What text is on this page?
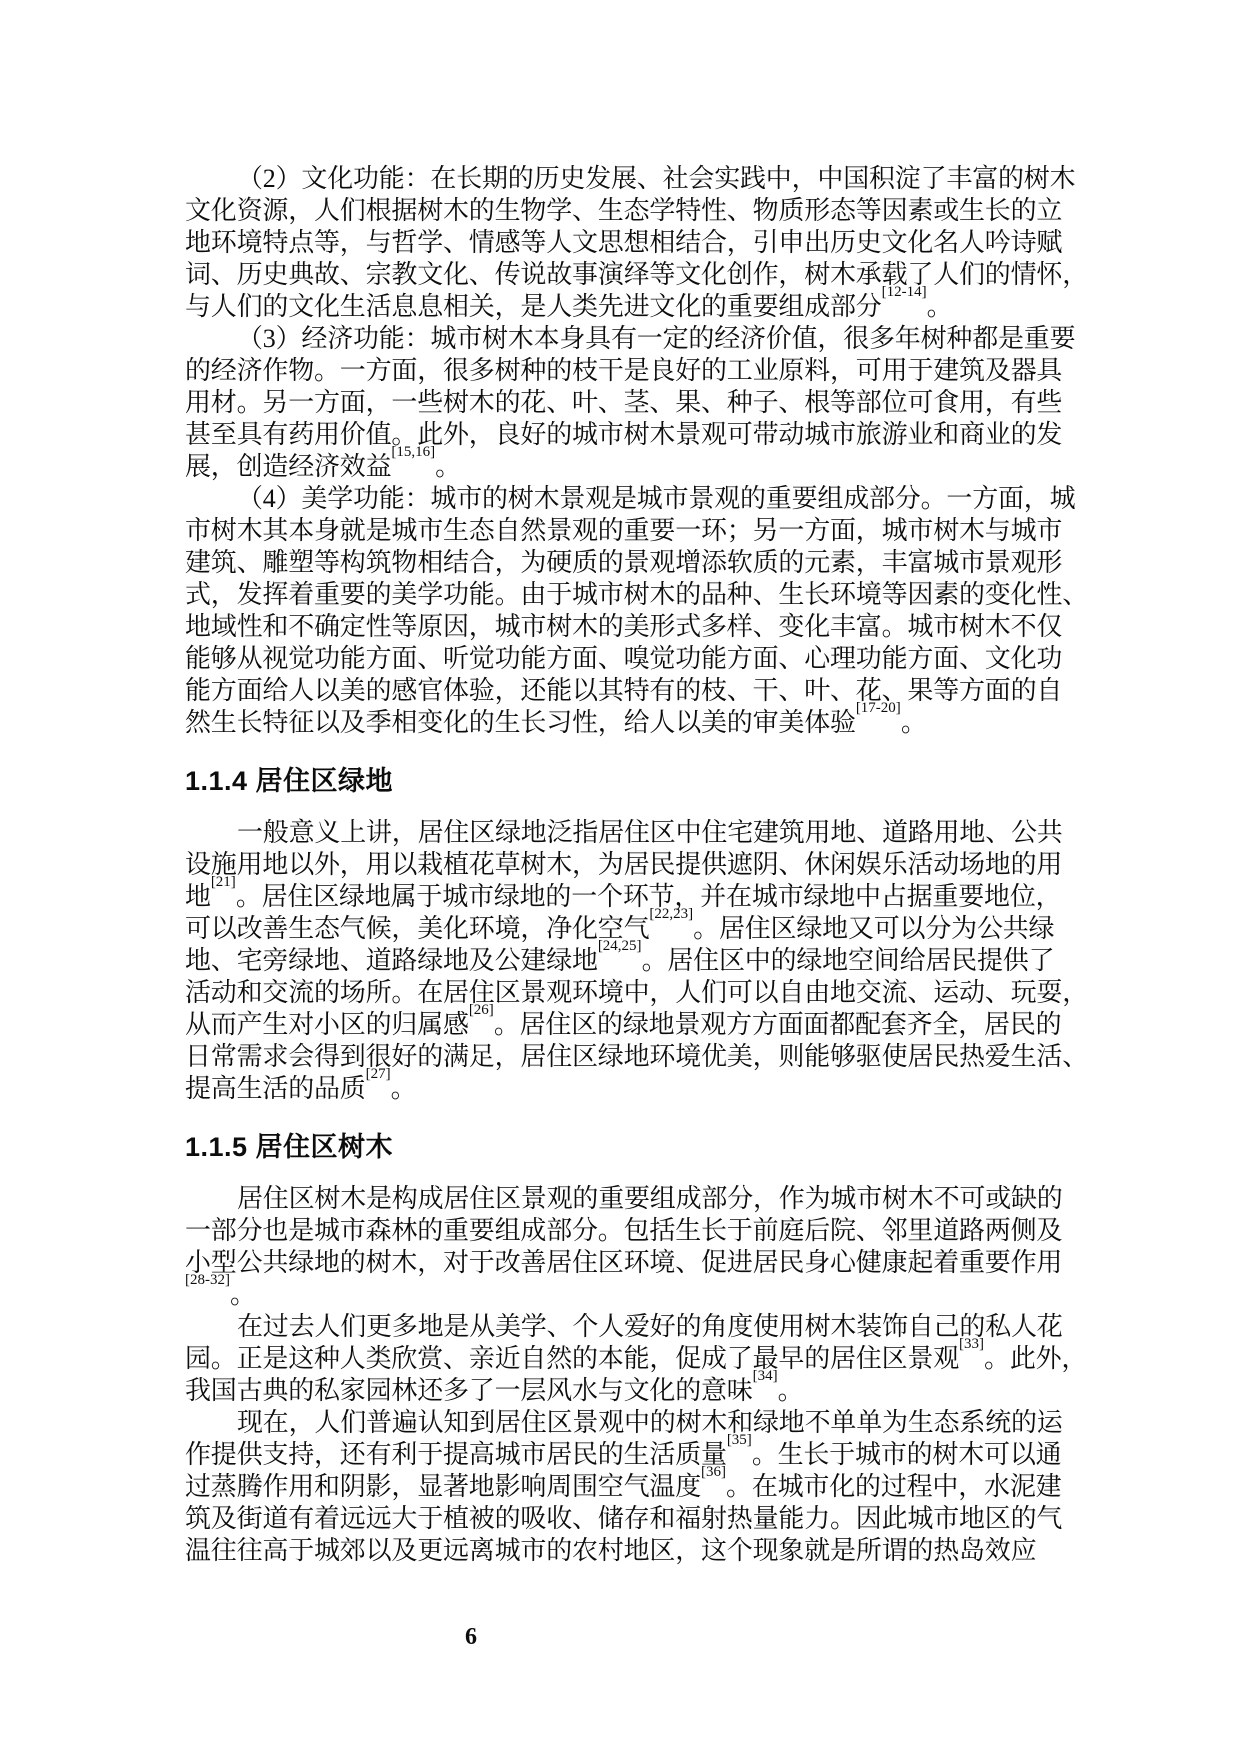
（2）文化功能：在长期的历史发展、社会实践中，中国积淀了丰富的树木
文化资源，人们根据树木的生物学、生态学特性、物质形态等因素或生长的立
地环境特点等，与哲学、情感等人文思想相结合，引申出历史文化名人吟诗赋
词、历史典故、宗教文化、传说故事演绎等文化创作，树木承载了人们的情怀，
与人们的文化生活息息相关，是人类先进文化的重要组成部分[12-14]。
（3）经济功能：城市树木本身具有一定的经济价值，很多年树种都是重要
的经济作物。一方面，很多树种的枝干是良好的工业原料，可用于建筑及器具
用材。另一方面，一些树木的花、叶、茎、果、种子、根等部位可食用，有些
甚至具有药用价值。此外，良好的城市树木景观可带动城市旅游业和商业的发
展，创造经济效益[15,16]。
（4）美学功能：城市的树木景观是城市景观的重要组成部分。一方面，城
市树木其本身就是城市生态自然景观的重要一环；另一方面，城市树木与城市
建筑、雕塑等构筑物相结合，为硬质的景观增添软质的元素，丰富城市景观形
式，发挥着重要的美学功能。由于城市树木的品种、生长环境等因素的变化性、
地域性和不确定性等原因，城市树木的美形式多样、变化丰富。城市树木不仅
能够从视觉功能方面、听觉功能方面、嗅觉功能方面、心理功能方面、文化功
能方面给人以美的感官体验，还能以其特有的枝、干、叶、花、果等方面的自
然生长特征以及季相变化的生长习性，给人以美的审美体验[17-20]。
1.1.4 居住区绿地
一般意义上讲，居住区绿地泛指居住区中住宅建筑用地、道路用地、公共
设施用地以外，用以栽植花草树木，为居民提供遮阴、休闲娱乐活动场地的用
地[21]。居住区绿地属于城市绿地的一个环节，并在城市绿地中占据重要地位，
可以改善生态气候，美化环境，净化空气[22,23]。居住区绿地又可以分为公共绿
地、宅旁绿地、道路绿地及公建绿地[24,25]。居住区中的绿地空间给居民提供了
活动和交流的场所。在居住区景观环境中，人们可以自由地交流、运动、玩耍，
从而产生对小区的归属感[26]。居住区的绿地景观方方面面都配套齐全，居民的
日常需求会得到很好的满足，居住区绿地环境优美，则能够驱使居民热爱生活、
提高生活的品质[27]。
1.1.5 居住区树木
居住区树木是构成居住区景观的重要组成部分，作为城市树木不可或缺的
一部分也是城市森林的重要组成部分。包括生长于前庭后院、邻里道路两侧及
小型公共绿地的树木，对于改善居住区环境、促进居民身心健康起着重要作用
[28-32]。
在过去人们更多地是从美学、个人爱好的角度使用树木装饰自己的私人花
园。正是这种人类欣赏、亲近自然的本能，促成了最早的居住区景观[33]。此外，
我国古典的私家园林还多了一层风水与文化的意味[34]。
现在，人们普遍认知到居住区景观中的树木和绿地不单单为生态系统的运
作提供支持，还有利于提高城市居民的生活质量[35]。生长于城市的树木可以通
过蒸腾作用和阴影，显著地影响周围空气温度[36]。在城市化的过程中，水泥建
筑及街道有着远远大于植被的吸收、储存和福射热量能力。因此城市地区的气
温往往高于城郊以及更远离城市的农村地区，这个现象就是所谓的热岛效应
6
